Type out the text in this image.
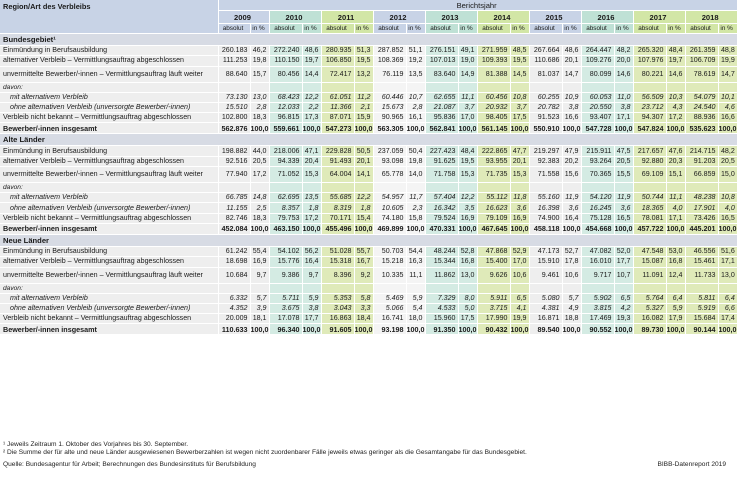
Region/Art des Verbleibs	Berichtsjahr																			
	2009		2010		2011		2012		2013		2014		2015		2016		2017		2018	
	absolut	in %	absolut	in %	absolut	in %	absolut	in %	absolut	in %	absolut	in %	absolut	in %	absolut	in %	absolut	in %	absolut	in %
Bundesgebiet¹																				
Einmündung in Berufsausbildung	260.183	46,2	272.240	48,6	280.935	51,3	287.852	51,1	276.151	49,1	271.959	48,5	267.664	48,6	264.447	48,2	265.320	48,4	261.359	48,8
alternativer Verbleib – Vermittlungsauftrag abgeschlossen	111.253	19,8	110.150	19,7	106.850	19,5	108.369	19,2	107.013	19,0	109.393	19,5	110.686	20,1	109.276	20,0	107.976	19,7	106.709	19,9
unvermittelte Bewerber/-innen – Vermittlungsauftrag läuft weiter	88.640	15,7	80.456	14,4	72.417	13,2	76.119	13,5	83.640	14,9	81.388	14,5	81.037	14,7	80.099	14,6	80.221	14,6	78.619	14,7
davon:																				
mit alternativem Verbleib	73.130	13,0	68.423	12,2	61.051	11,2	60.446	10,7	62.655	11,1	60.456	10,8	60.255	10,9	60.053	11,0	56.509	10,3	54.079	10,1
ohne alternativen Verbleib (unversorgte Bewerber/-innen)	15.510	2,8	12.033	2,2	11.366	2,1	15.673	2,8	21.087	3,7	20.932	3,7	20.782	3,8	20.550	3,8	23.712	4,3	24.540	4,6
Verbleib nicht bekannt – Vermittlungsauftrag abgeschlossen	102.800	18,3	96.815	17,3	87.071	15,9	90.965	16,1	95.836	17,0	98.405	17,5	91.523	16,6	93.407	17,1	94.307	17,2	88.936	16,6
Bewerber/-innen insgesamt	562.876	100,0	559.661	100,0	547.273	100,0	563.305	100,0	562.841	100,0	561.145	100,0	550.910	100,0	547.728	100,0	547.824	100,0	535.623	100,0
Alte Länder																				
Einmündung in Berufsausbildung	198.882	44,0	218.006	47,1	229.828	50,5	237.059	50,4	227.423	48,4	222.865	47,7	219.297	47,9	215.911	47,5	217.657	47,6	214.715	48,2
alternativer Verbleib – Vermittlungsauftrag abgeschlossen	92.516	20,5	94.339	20,4	91.493	20,1	93.098	19,8	91.625	19,5	93.955	20,1	92.383	20,2	93.264	20,5	92.880	20,3	91.203	20,5
unvermittelte Bewerber/-innen – Vermittlungsauftrag läuft weiter	77.940	17,2	71.052	15,3	64.004	14,1	65.778	14,0	71.758	15,3	71.735	15,3	71.558	15,6	70.365	15,5	69.109	15,1	66.859	15,0
davon:																				
mit alternativem Verbleib	66.785	14,8	62.695	13,5	55.685	12,2	54.957	11,7	57.404	12,2	55.112	11,8	55.160	11,9	54.120	11,9	50.744	11,1	48.238	10,8
ohne alternativen Verbleib (unversorgte Bewerber/-innen)	11.155	2,5	8.357	1,8	8.319	1,8	10.605	2,3	16.342	3,5	16.623	3,6	16.398	3,6	16.245	3,6	18.365	4,0	17.901	4,0
Verbleib nicht bekannt – Vermittlungsauftrag abgeschlossen	82.746	18,3	79.753	17,2	70.171	15,4	74.180	15,8	79.524	16,9	79.109	16,9	74.900	16,4	75.128	16,5	78.081	17,1	73.426	16,5
Bewerber/-innen insgesamt	452.084	100,0	463.150	100,0	455.496	100,0	469.899	100,0	470.331	100,0	467.645	100,0	458.118	100,0	454.668	100,0	457.722	100,0	445.201	100,0
Neue Länder																				
Einmündung in Berufsausbildung	61.242	55,4	54.102	56,2	51.028	55,7	50.703	54,4	48.244	52,8	47.868	52,9	47.173	52,7	47.082	52,0	47.548	53,0	46.556	51,6
alternativer Verbleib – Vermittlungsauftrag abgeschlossen	18.698	16,9	15.776	16,4	15.318	16,7	15.218	16,3	15.344	16,8	15.400	17,0	15.910	17,8	16.010	17,7	15.087	16,8	15.461	17,1
unvermittelte Bewerber/-innen – Vermittlungsauftrag läuft weiter	10.684	9,7	9.386	9,7	8.396	9,2	10.335	11,1	11.862	13,0	9.626	10,6	9.461	10,6	9.717	10,7	11.091	12,4	11.733	13,0
davon:																				
mit alternativem Verbleib	6.332	5,7	5.711	5,9	5.353	5,8	5.469	5,9	7.329	8,0	5.911	6,5	5.080	5,7	5.902	6,5	5.764	6,4	5.811	6,4
ohne alternativen Verbleib (unversorgte Bewerber/-innen)	4.352	3,9	3.675	3,8	3.043	3,3	5.066	5,4	4.533	5,0	3.715	4,1	4.381	4,9	3.815	4,2	5.327	5,9	5.919	6,6
Verbleib nicht bekannt – Vermittlungsauftrag abgeschlossen	20.009	18,1	17.078	17,7	16.863	18,4	16.741	18,0	15.960	17,5	17.990	19,9	16.871	18,8	17.469	19,3	16.082	17,9	15.684	17,4
Bewerber/-innen insgesamt	110.633	100,0	96.340	100,0	91.605	100,0	93.198	100,0	91.350	100,0	90.432	100,0	89.540	100,0	90.552	100,0	89.730	100,0	90.144	100,0
¹ Jeweils Zeitraum 1. Oktober des Vorjahres bis 30. September.
² Die Summe der für alte und neue Länder ausgewiesenen Bewerberzahlen ist wegen nicht zuordenbarer Fälle jeweils etwas geringer als die Gesamtangabe für das Bundesgebiet.
Quelle: Bundesagentur für Arbeit; Berechnungen des Bundesinstituts für Berufsbildung	BIBB-Datenreport 2019
